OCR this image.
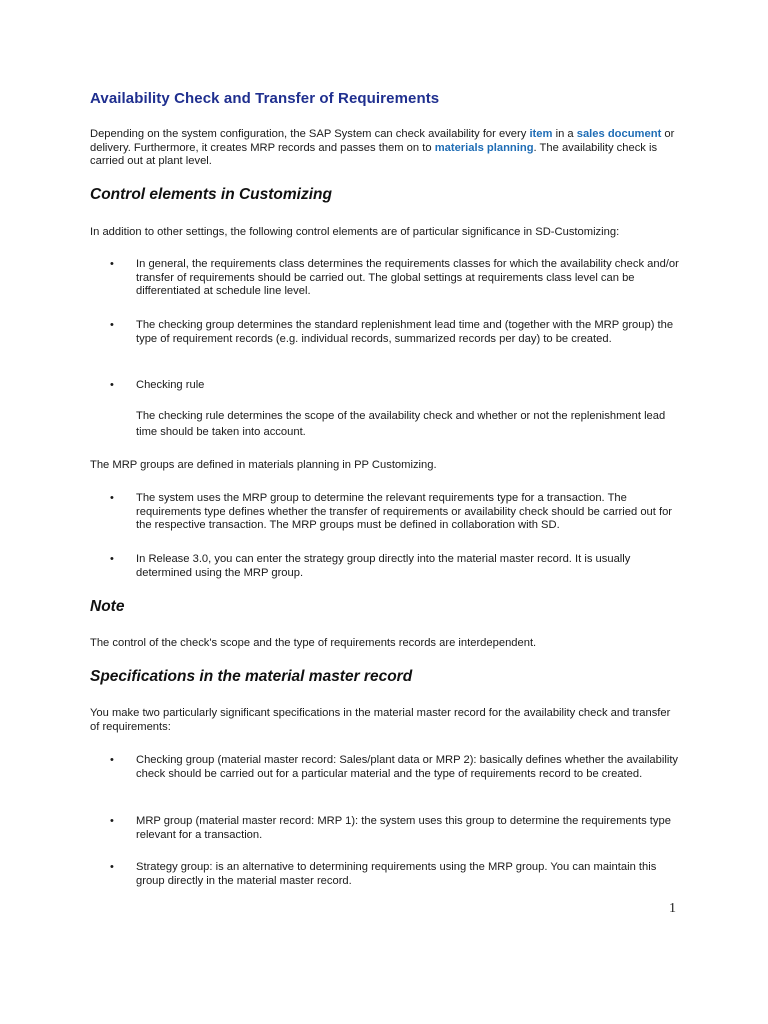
Availability Check and Transfer of Requirements

Depending on the system configuration, the SAP System can check availability for every item in a sales document or delivery. Furthermore, it creates MRP records and passes them on to materials planning. The availability check is carried out at plant level.

Control elements in Customizing

In addition to other settings, the following control elements are of particular significance in SD-Customizing:

•	In general, the requirements class determines the requirements classes for which the availability check and/or transfer of requirements should be carried out. The global settings at requirements class level can be differentiated at schedule line level.
•	The checking group determines the standard replenishment lead time and (together with the MRP group) the type of requirement records (e.g. individual records, summarized records per day) to be created.
•	Checking rule

The checking rule determines the scope of the availability check and whether or not the replenishment lead time should be taken into account.

The MRP groups are defined in materials planning in PP Customizing.

•	The system uses the MRP group to determine the relevant requirements type for a transaction. The requirements type defines whether the transfer of requirements or availability check should be carried out for the respective transaction. The MRP groups must be defined in collaboration with SD.
•	In Release 3.0, you can enter the strategy group directly into the material master record. It is usually determined using the MRP group.
Note

The control of the check's scope and the type of requirements records are interdependent.

Specifications in the material master record

You make two particularly significant specifications in the material master record for the availability check and transfer of requirements:

•	Checking group (material master record: Sales/plant data or MRP 2): basically defines whether the availability check should be carried out for a particular material and the type of requirements record to be created.
•	MRP group (material master record: MRP 1): the system uses this group to determine the requirements type relevant for a transaction.
•	Strategy group: is an alternative to determining requirements using the MRP group. You can maintain this group directly in the material master record.

1
